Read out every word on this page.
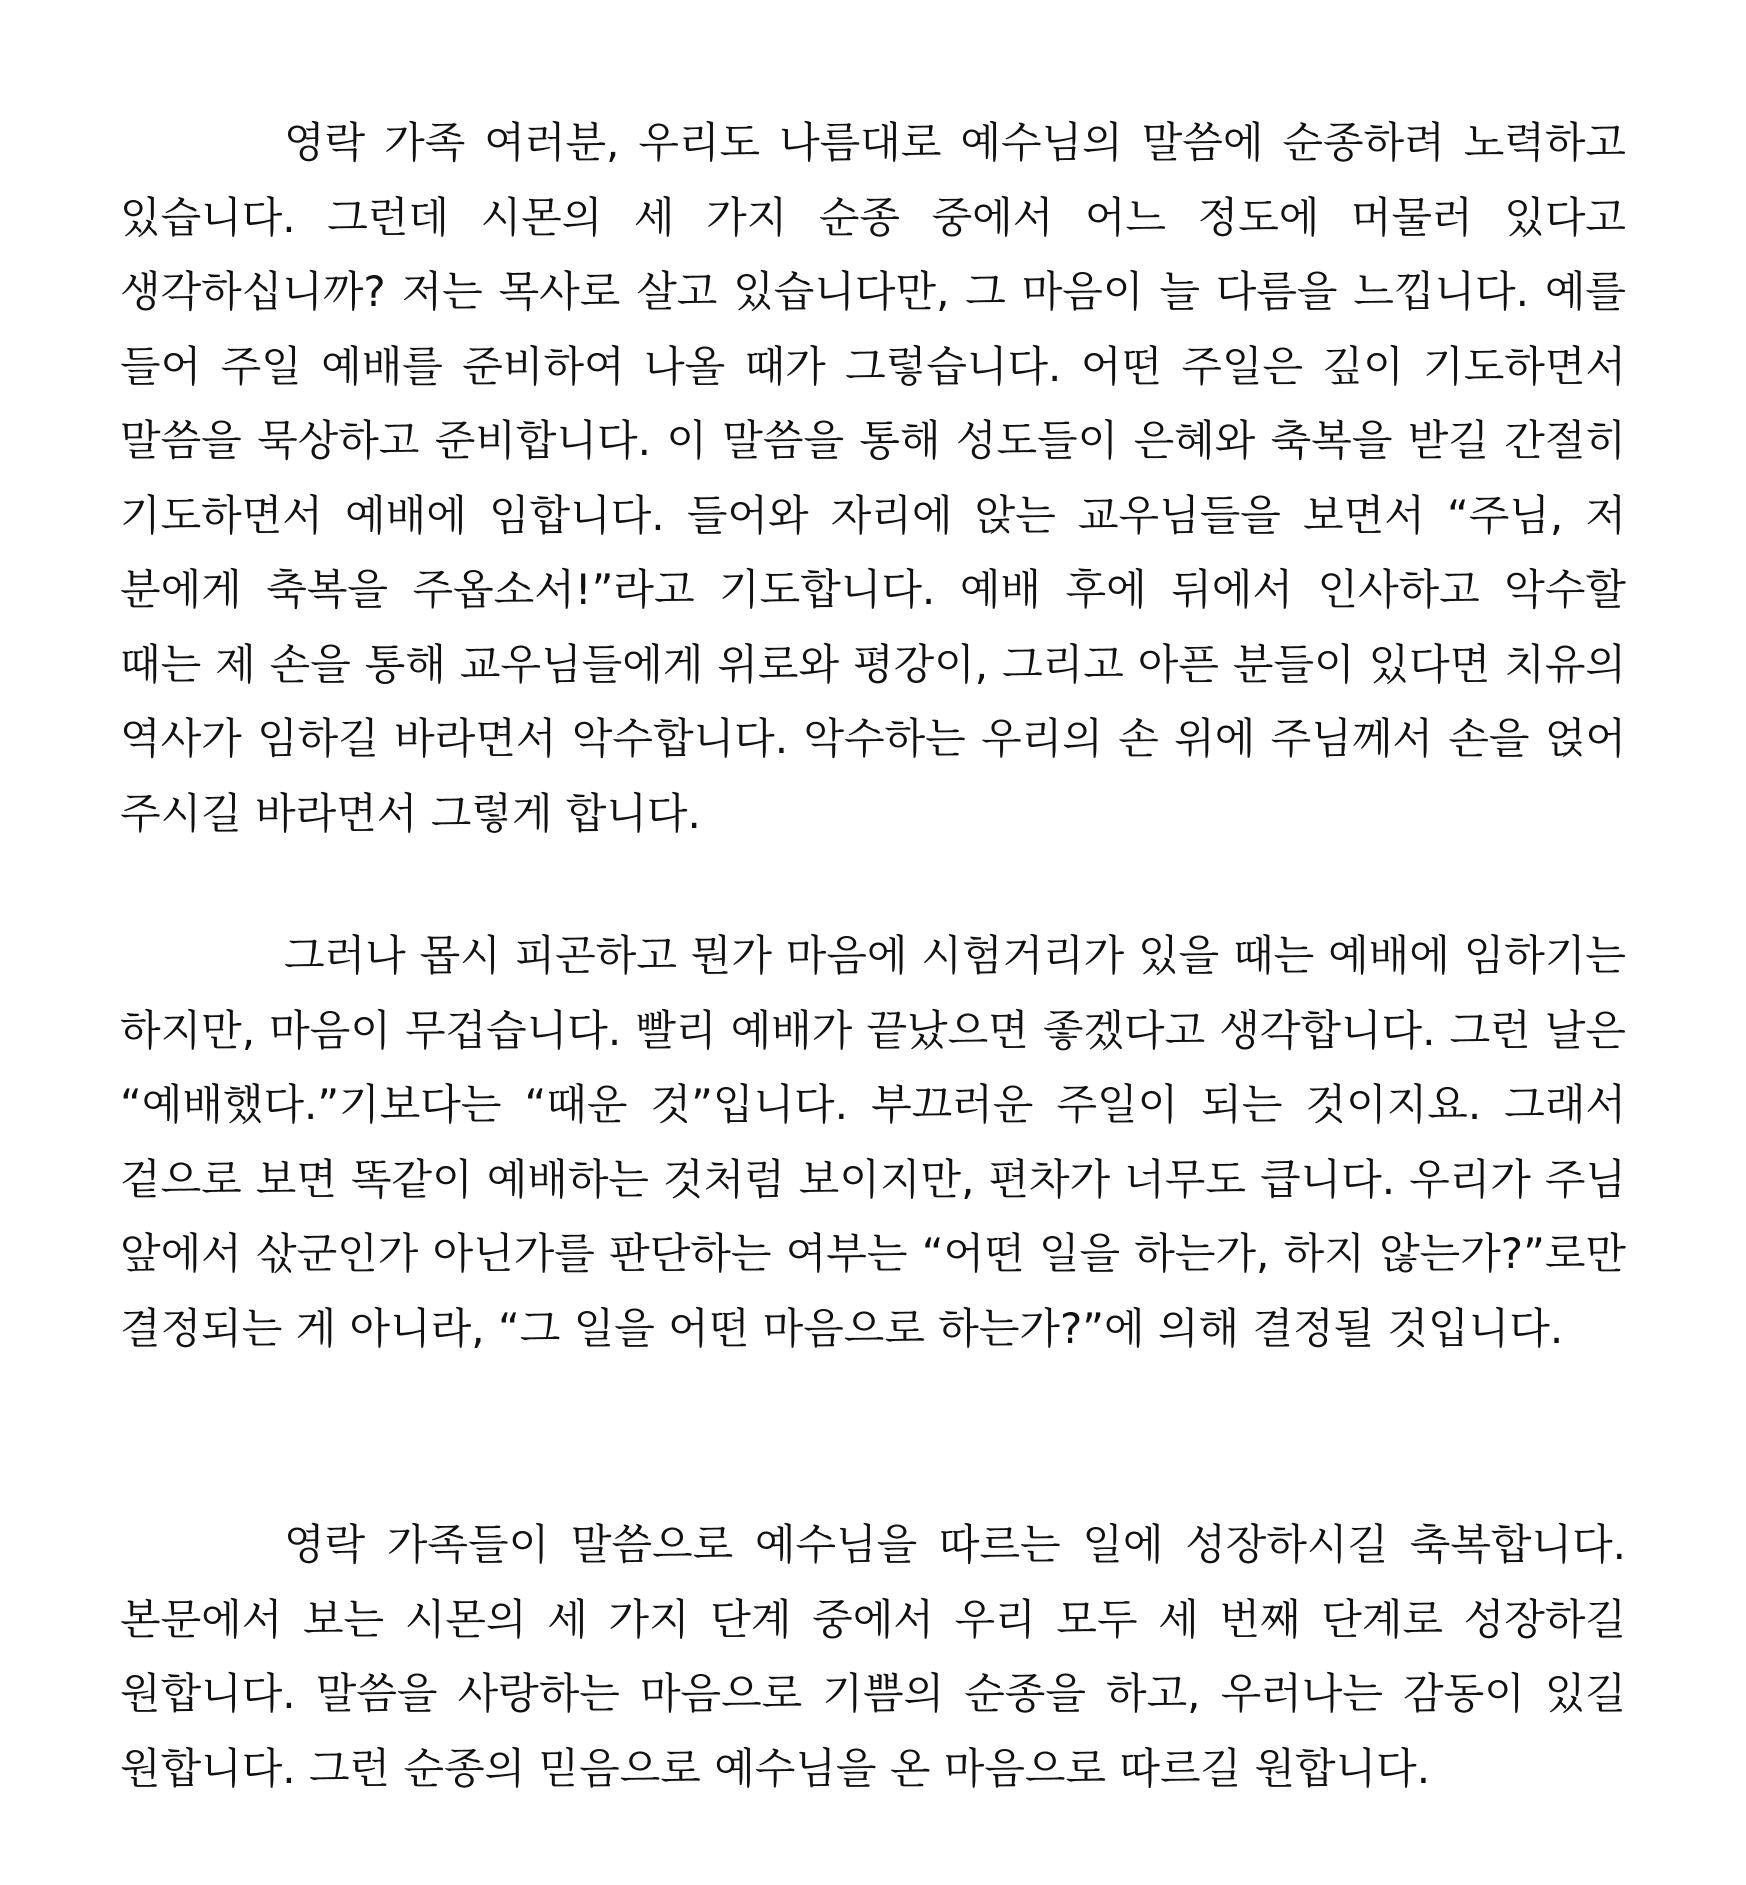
영락 가족 여러분, 우리도 나름대로 예수님의 말씀에 순종하려 노력하고 있습니다. 그런데 시몬의 세 가지 순종 중에서 어느 정도에 머물러 있다고 생각하십니까? 저는 목사로 살고 있습니다만, 그 마음이 늘 다름을 느낍니다. 예를 들어 주일 예배를 준비하여 나올 때가 그렇습니다. 어떤 주일은 깊이 기도하면서 말씀을 묵상하고 준비합니다. 이 말씀을 통해 성도들이 은혜와 축복을 받길 간절히 기도하면서 예배에 임합니다. 들어와 자리에 앉는 교우님들을 보면서 “주님, 저 분에게 축복을 주옵소서!”라고 기도합니다. 예배 후에 뒤에서 인사하고 악수할 때는 제 손을 통해 교우님들에게 위로와 평강이, 그리고 아픈 분들이 있다면 치유의 역사가 임하길 바라면서 악수합니다. 악수하는 우리의 손 위에 주님께서 손을 얹어 주시길 바라면서 그렇게 합니다.

그러나 몹시 피곤하고 뭔가 마음에 시험거리가 있을 때는 예배에 임하기는 하지만, 마음이 무겁습니다. 빨리 예배가 끝났으면 좋겠다고 생각합니다. 그런 날은 “예배했다.”기보다는 “때운 것”입니다. 부끄러운 주일이 되는 것이지요. 그래서 겉으로 보면 똑같이 예배하는 것처럼 보이지만, 편차가 너무도 큽니다. 우리가 주님 앞에서 삯군인가 아닌가를 판단하는 여부는 “어떤 일을 하는가, 하지 않는가?”로만 결정되는 게 아니라, “그 일을 어떤 마음으로 하는가?”에 의해 결정될 것입니다.

영락 가족들이 말씀으로 예수님을 따르는 일에 성장하시길 축복합니다. 본문에서 보는 시몬의 세 가지 단계 중에서 우리 모두 세 번째 단계로 성장하길 원합니다. 말씀을 사랑하는 마음으로 기쁨의 순종을 하고, 우러나는 감동이 있길 원합니다. 그런 순종의 믿음으로 예수님을 온 마음으로 따르길 원합니다.
